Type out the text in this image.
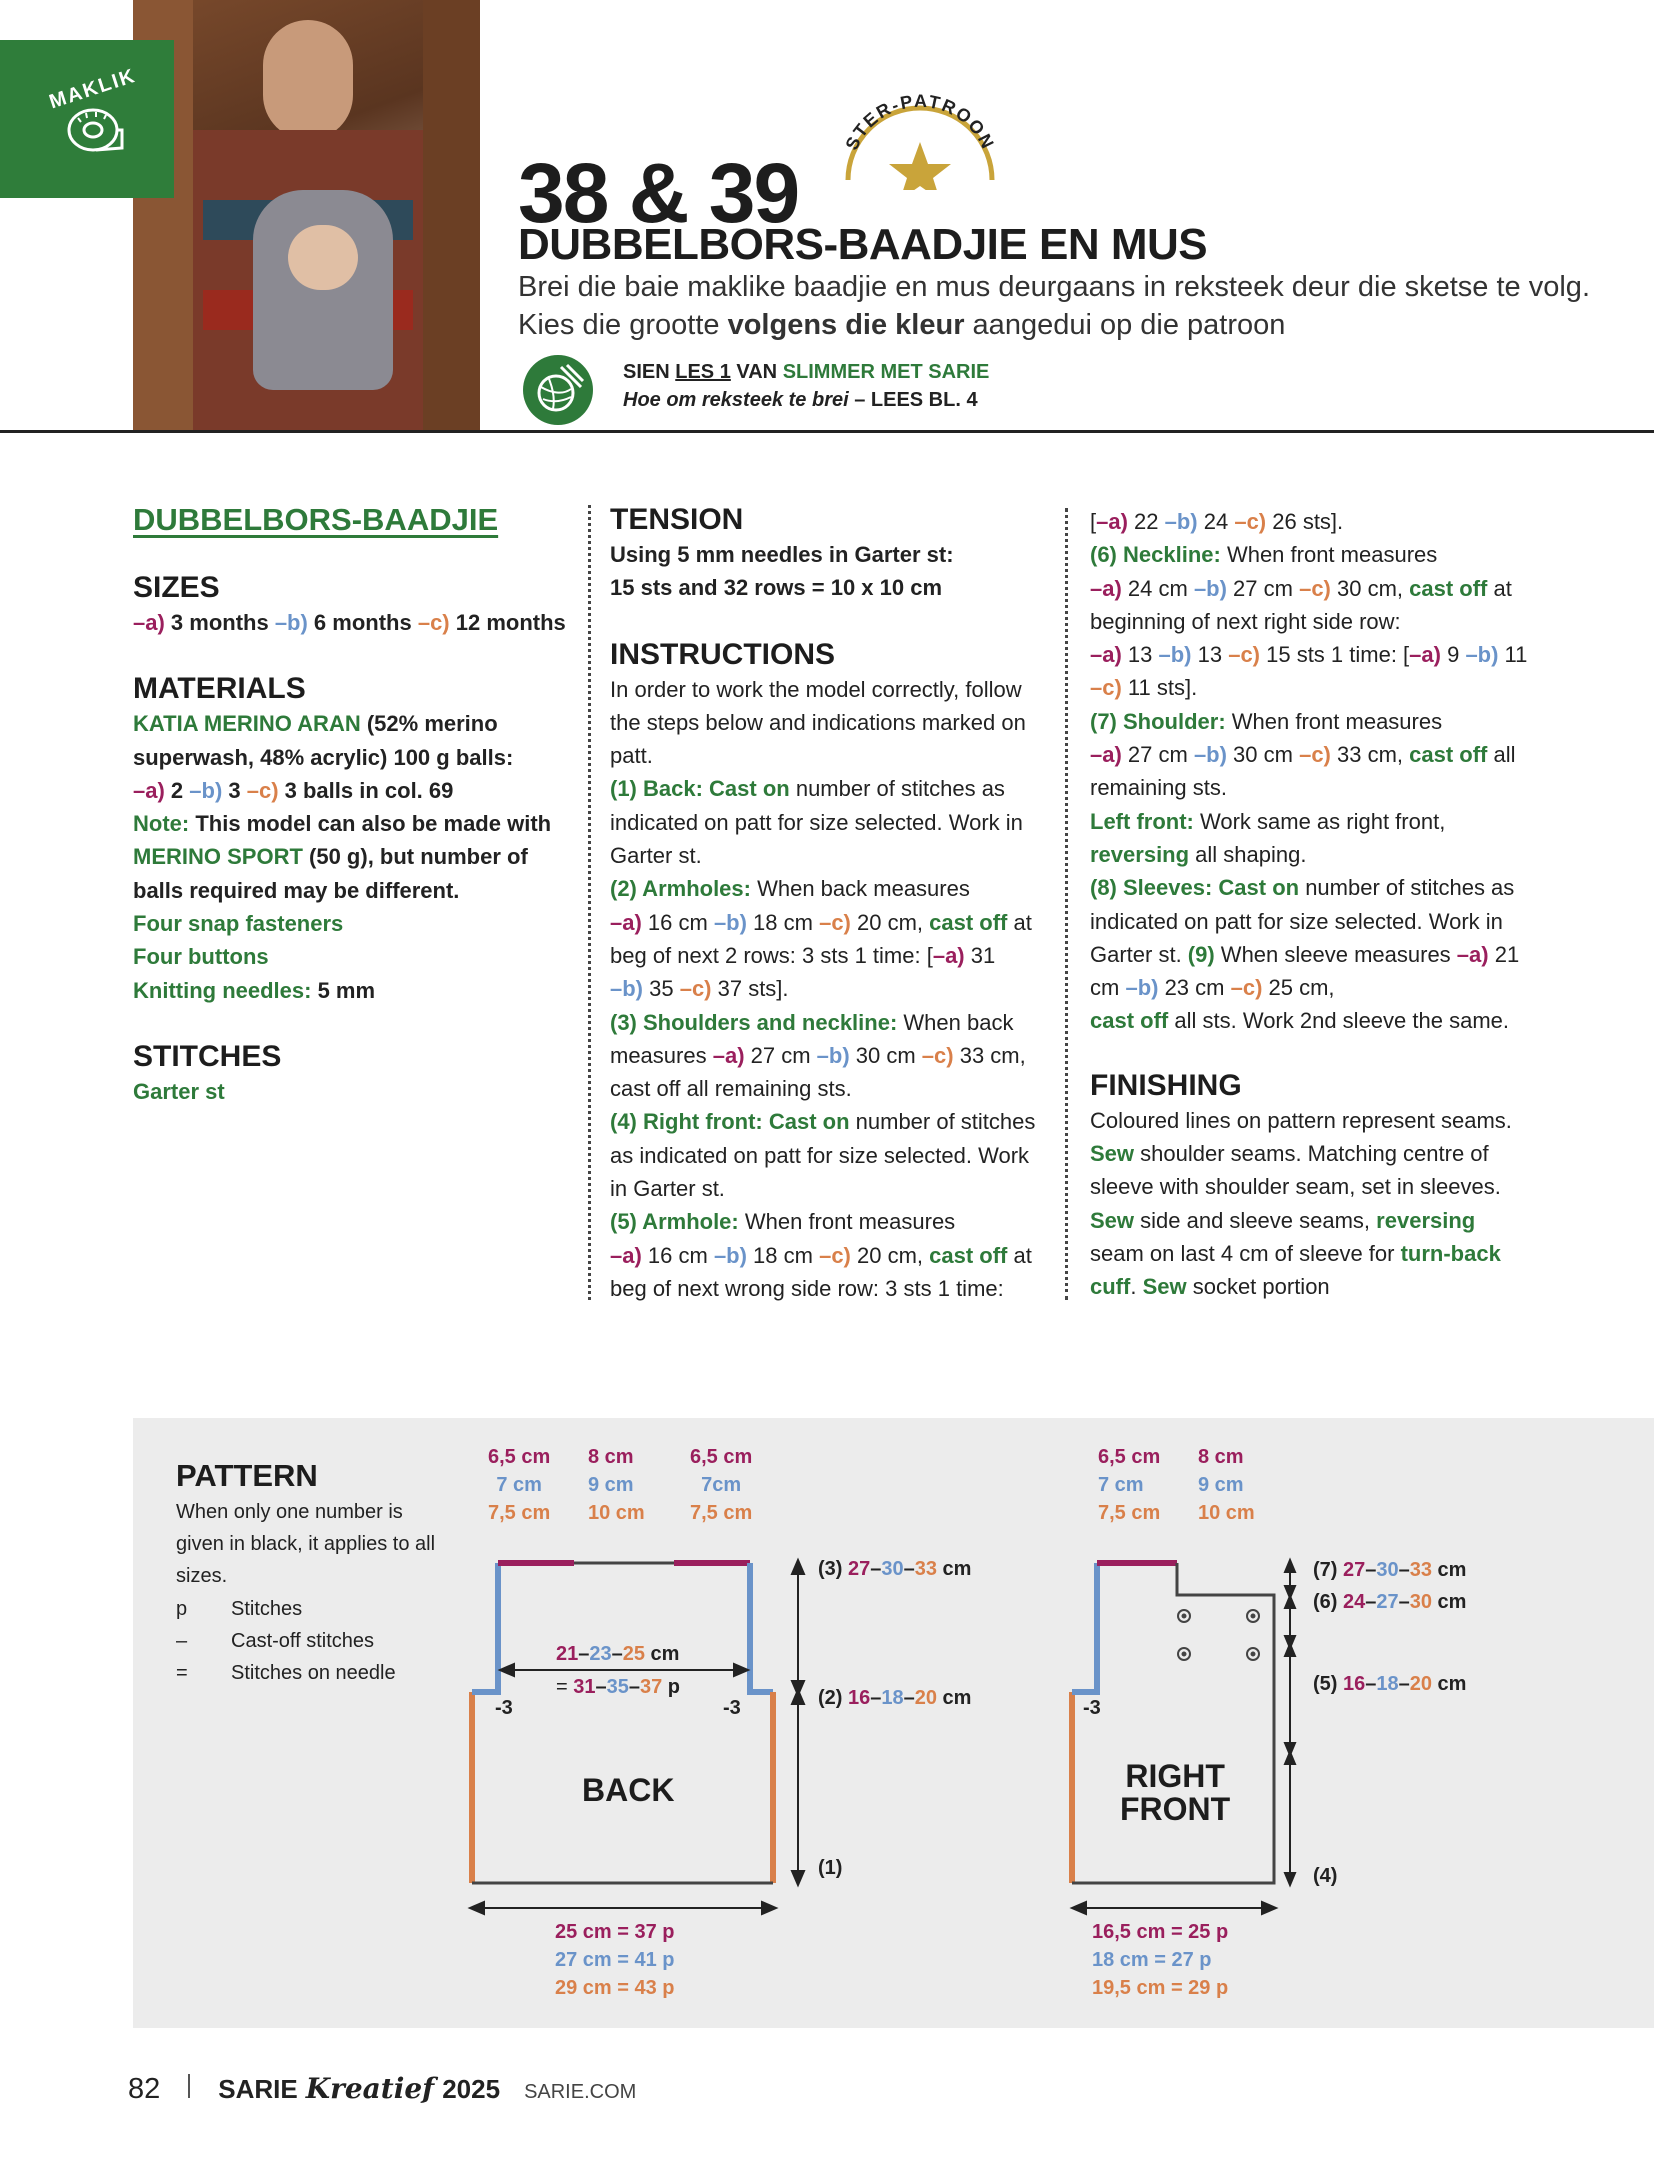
MAKLIK
38 & 39
STER-PATROON
DUBBELBORS-BAADJIE EN MUS
Brei die baie maklike baadjie en mus deurgaans in reksteek deur die sketse te volg. Kies die grootte volgens die kleur aangedui op die patroon
SIEN LES 1 VAN SLIMMER MET SARIE
Hoe om reksteek te brei – LEES BL. 4

DUBBELBORS-BAADJIE

SIZES

–a) 3 months –b) 6 months –c) 12 months

MATERIALS

KATIA MERINO ARAN (52% merino superwash, 48% acrylic) 100 g balls:
–a) 2 –b) 3 –c) 3 balls in col. 69
Note: This model can also be made with MERINO SPORT (50 g), but number of balls required may be different.

Four snap fasteners

Four buttons

Knitting needles: 5 mm

STITCHES

Garter st

TENSION

Using 5 mm needles in Garter st:

15 sts and 32 rows = 10 x 10 cm

INSTRUCTIONS

In order to work the model correctly, follow the steps below and indications marked on patt.

(1) Back: Cast on number of stitches as indicated on patt for size selected. Work in Garter st.

(2) Armholes: When back measures
–a) 16 cm –b) 18 cm –c) 20 cm, cast off at beg of next 2 rows: 3 sts 1 time: [–a) 31
–b) 35 –c) 37 sts].

(3) Shoulders and neckline: When back measures –a) 27 cm –b) 30 cm –c) 33 cm, cast off all remaining sts.

(4) Right front: Cast on number of stitches as indicated on patt for size selected. Work in Garter st.

(5) Armhole: When front measures
–a) 16 cm –b) 18 cm –c) 20 cm, cast off at beg of next wrong side row: 3 sts 1 time:

[–a) 22 –b) 24 –c) 26 sts].

(6) Neckline: When front measures
–a) 24 cm –b) 27 cm –c) 30 cm, cast off at beginning of next right side row:
–a) 13 –b) 13 –c) 15 sts 1 time: [–a) 9 –b) 11
–c) 11 sts].

(7) Shoulder: When front measures
–a) 27 cm –b) 30 cm –c) 33 cm, cast off all remaining sts.

Left front: Work same as right front,
reversing all shaping.

(8) Sleeves: Cast on number of stitches as indicated on patt for size selected. Work in Garter st. (9) When sleeve measures –a) 21 cm –b) 23 cm –c) 25 cm,
cast off all sts. Work 2nd sleeve the same.

FINISHING

Coloured lines on pattern represent seams. Sew shoulder seams. Matching centre of sleeve with shoulder seam, set in sleeves. Sew side and sleeve seams, reversing seam on last 4 cm of sleeve for turn-back cuff. Sew socket portion

PATTERN
When only one number is given in black, it applies to all sizes.
p Stitches
– Cast-off stitches
= Stitches on needle
6,5 cm
7 cm
7,5 cm
8 cm
9 cm
10 cm
6,5 cm
7cm
7,5 cm
21–23–25 cm
= 31–35–37 p
-3	-3
BACK
(3) 27–30–33 cm
(2) 16–18–20 cm
(1)
25 cm = 37 p
27 cm = 41 p
29 cm = 43 p
6,5 cm
7 cm
7,5 cm
8 cm
9 cm
10 cm
-3
RIGHT
FRONT
(7) 27–30–33 cm
(6) 24–27–30 cm
(5) 16–18–20 cm
(4)
16,5 cm = 25 p
18 cm = 27 p
19,5 cm = 29 p
82 SARIE Kreatief 2025 SARIE.COM
